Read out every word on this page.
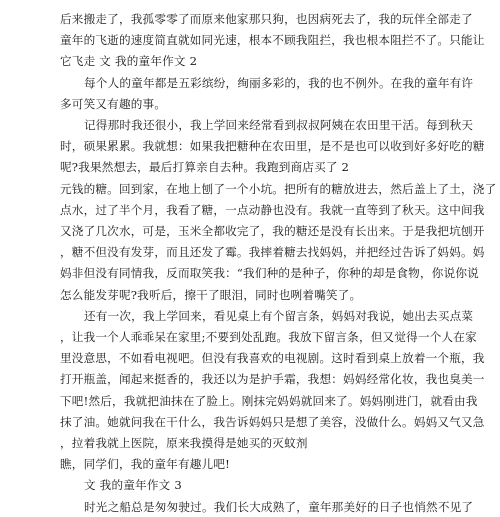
后来搬走了，我孤零零了而原来他家那只狗，也因病死去了，我的玩伴全部走了
童年的飞逝的速度简直就如同光速，根本不顾我阻拦，我也根本阻拦不了。只能让
它飞走 文 我的童年作文 2
每个人的童年都是五彩缤纷，绚丽多彩的，我的也不例外。在我的童年有许
多可笑又有趣的事。
记得那时我还很小，我上学回来经常看到叔叔阿姨在农田里干活。每到秋天
时，硕果累累。我就想：如果我把糖种在农田里，是不是也可以收到好多好吃的糖
呢?我果然想去，最后打算亲自去种。我跑到商店买了 2
元钱的糖。回到家，在地上刨了一个小坑。把所有的糖放进去，然后盖上了土，浇了
点水，过了半个月，我看了糖，一点动静也没有。我就一直等到了秋天。这中间我
又浇了几次水，可是，玉米全都收完了，我的糖还是没有长出来。于是我把坑刨开
，糖不但没有发芽，而且还发了霉。我摔着糖去找妈妈，并把经过告诉了妈妈。妈
妈非但没有同情我，反而取笑我：“我们种的是种子，你种的却是食物，你说你说
怎么能发芽呢?我听后，擦干了眼泪，同时也咧着嘴笑了。
还有一次，我上学回来，看见桌上有个留言条，妈妈对我说，她出去买点菜
，让我一个人乖乖呆在家里;不要到处乱跑。我放下留言条，但又觉得一个人在家
里没意思，不如看电视吧。但没有我喜欢的电视剧。这时看到桌上放着一个瓶，我
打开瓶盖，闻起来挺香的，我还以为是护手霜，我想：妈妈经常化妆，我也臭美一
下吧!然后，我就把油抹在了脸上。刚抹完妈妈就回来了。妈妈刚进门，就看由我
抹了油。她就问我在干什么，我告诉妈妈只是想了美容，没做什么。妈妈又气又急
，拉着我就上医院，原来我摸得是她买的灭蚊剂
瞧，同学们，我的童年有趣儿吧!
文 我的童年作文 3
时光之船总是匆匆驶过。我们长大成熟了，童年那美好的日子也悄然不见了
